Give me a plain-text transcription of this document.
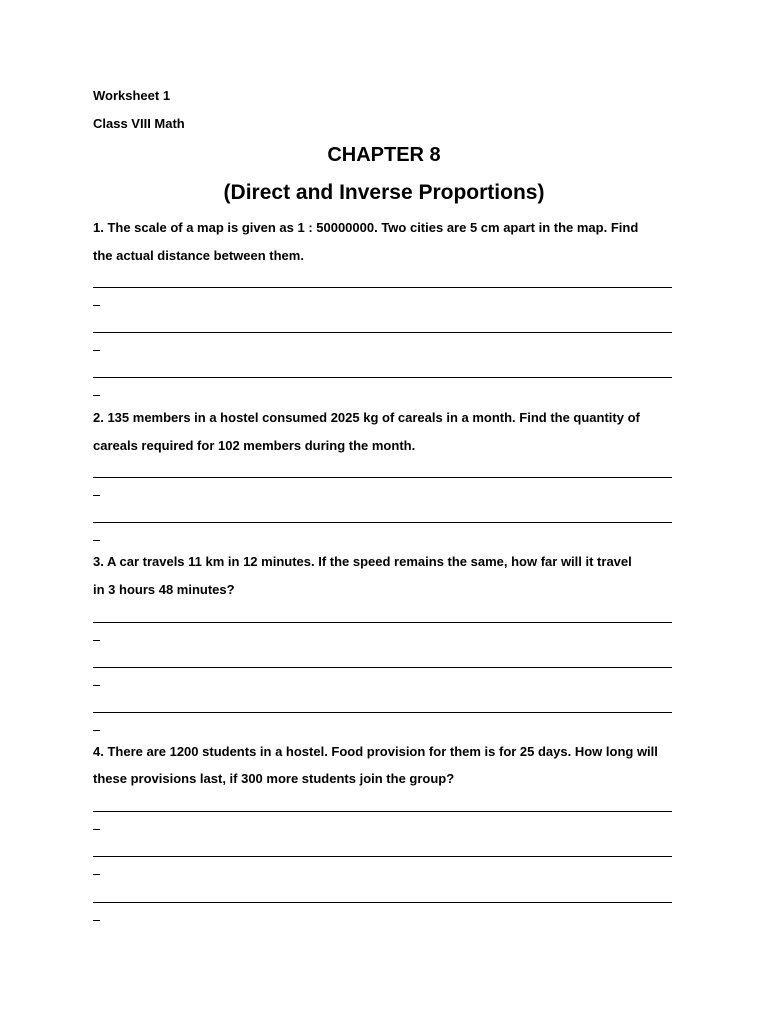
Worksheet 1
Class VIII Math
CHAPTER 8
(Direct and Inverse Proportions)
1. The scale of a map is given as 1 : 50000000. Two cities are 5 cm apart in the map. Find
the actual distance between them.
2. 135 members in a hostel consumed 2025 kg of careals in a month. Find the quantity of
careals required for 102 members during the month.
3. A car travels 11 km in 12 minutes. If the speed remains the same, how far will it travel
in 3 hours 48 minutes?
4. There are 1200 students in a hostel. Food provision for them is for 25 days. How long will
these provisions last, if 300 more students join the group?
